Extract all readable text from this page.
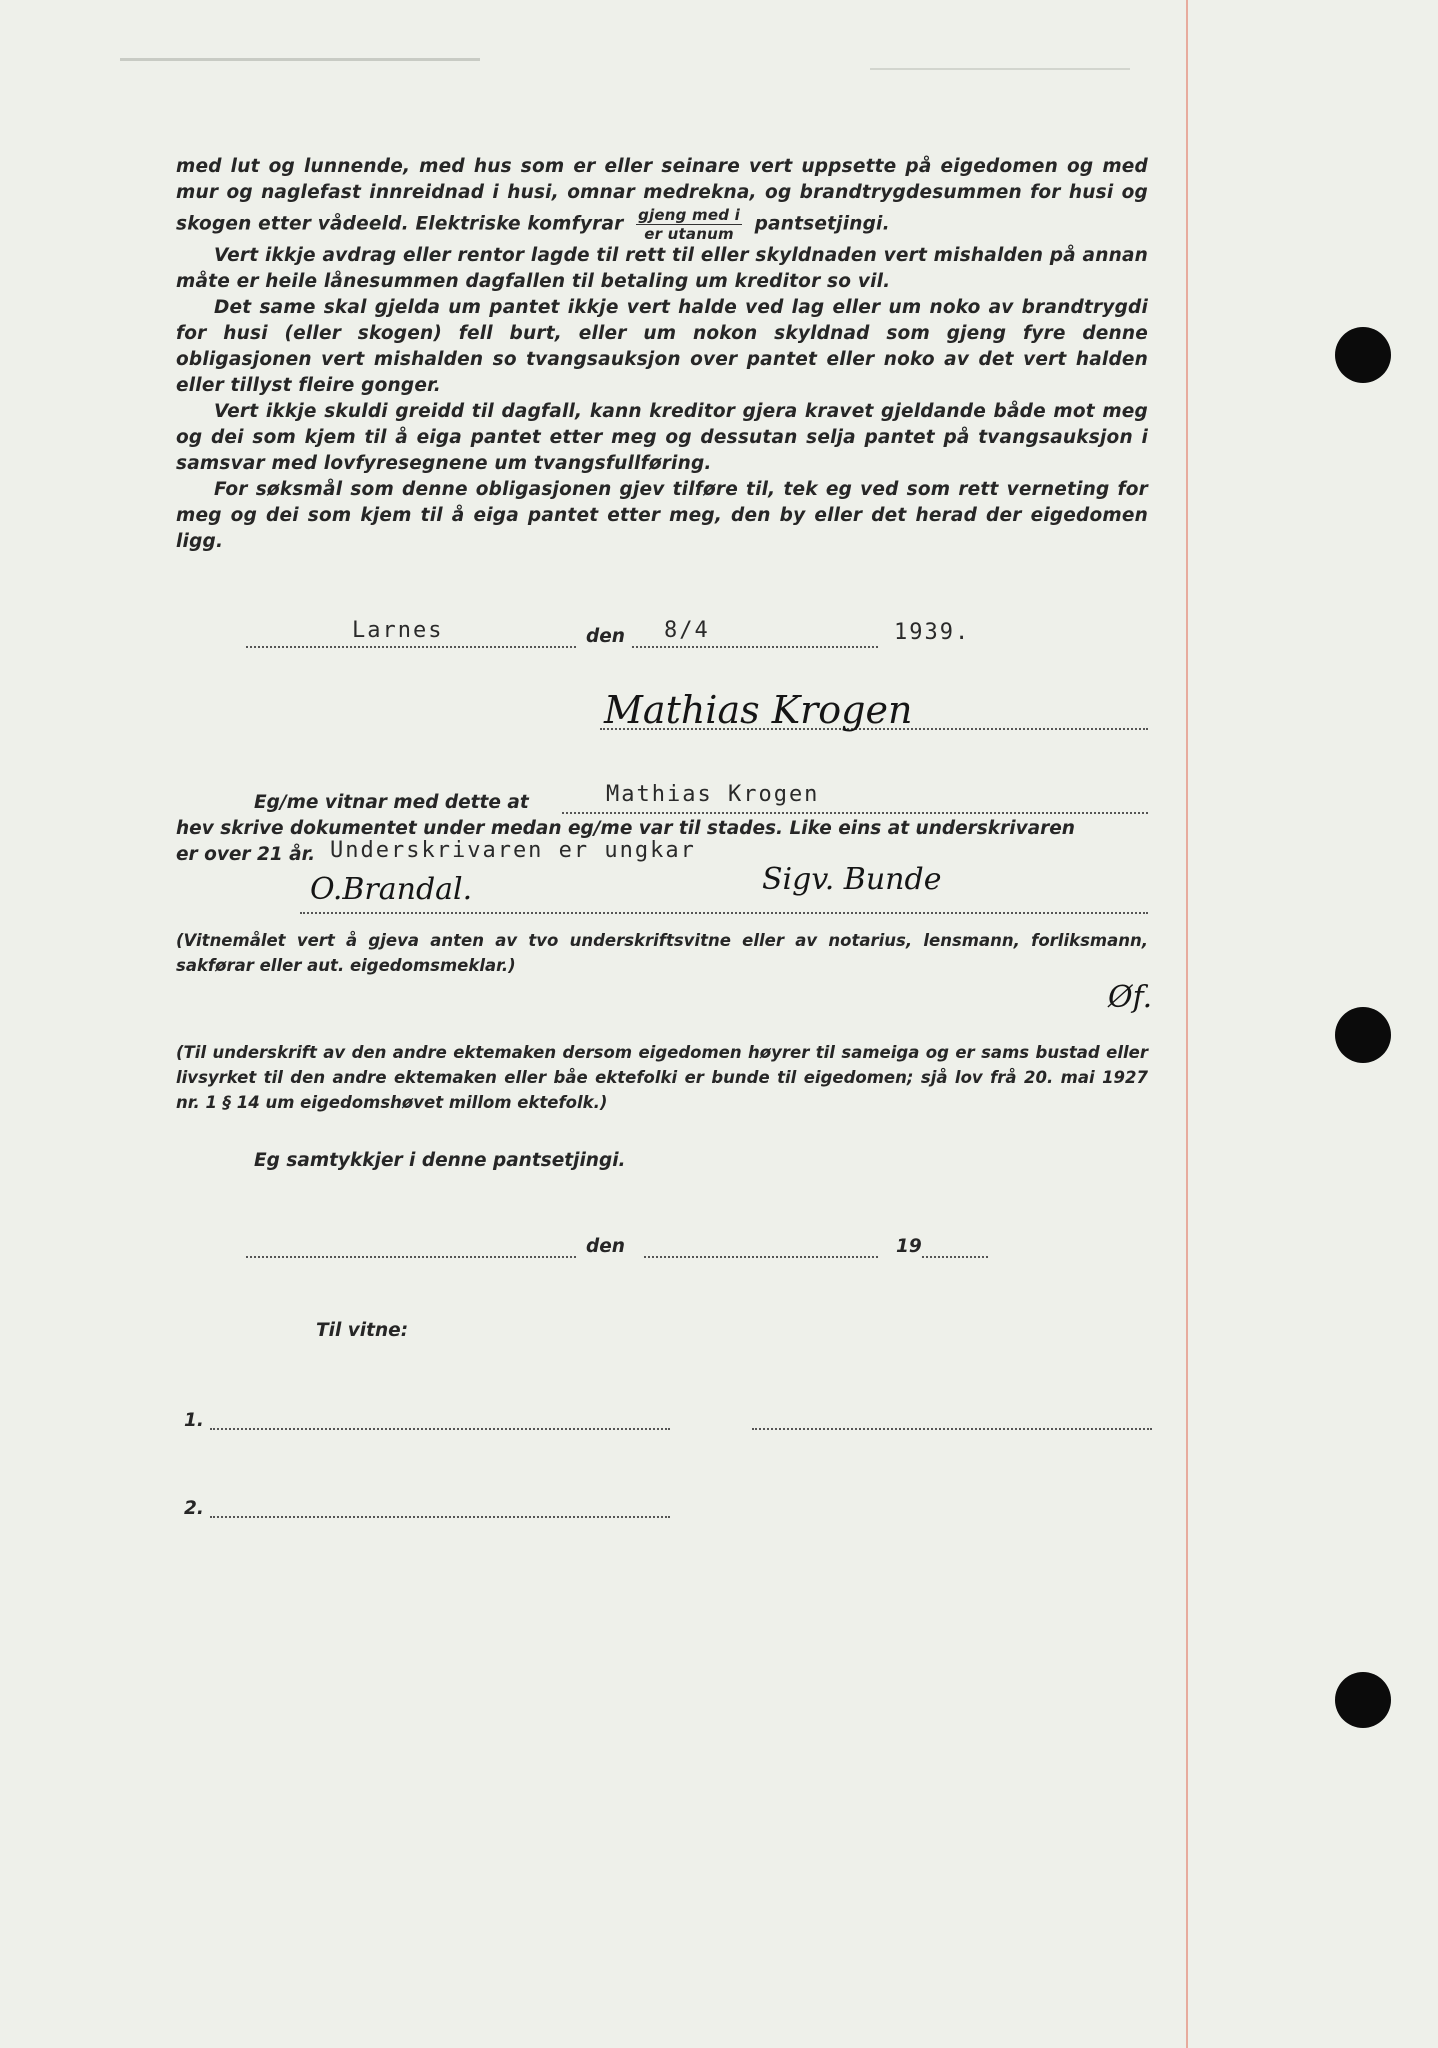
med lut og lunnende, med hus som er eller seinare vert uppsette på eigedomen og med mur og naglefast innreidnad i husi, omnar medrekna, og brandtrygdesummen for husi og skogen etter vådeeld. Elektriske komfyrar gjeng med i
er utanum	pantsetjingi.

Vert ikkje avdrag eller rentor lagde til rett til eller skyldnaden vert mishalden på annan måte er heile lånesummen dagfallen til betaling um kreditor so vil.

Det same skal gjelda um pantet ikkje vert halde ved lag eller um noko av brandtrygdi for husi (eller skogen) fell burt, eller um nokon skyldnad som gjeng fyre denne obligasjonen vert mishalden so tvangsauksjon over pantet eller noko av det vert halden eller tillyst fleire gonger.

Vert ikkje skuldi greidd til dagfall, kann kreditor gjera kravet gjeldande både mot meg og dei som kjem til å eiga pantet etter meg og dessutan selja pantet på tvangsauksjon i samsvar med lovfyresegnene um tvangsfullføring.

For søksmål som denne obligasjonen gjev tilføre til, tek eg ved som rett verneting for meg og dei som kjem til å eiga pantet etter meg, den by eller det herad der eigedomen ligg.

Larnes	den 8/4	1939.
Mathias Krogen
Eg/me vitnar med dette at	Mathias Krogen
hev skrive dokumentet under medan eg/me var til stades. Like eins at underskrivaren
er over 21 år. Underskrivaren er ungkar
O.Brandal.	Sigv. Bunde

(Vitnemålet vert å gjeva anten av tvo underskriftsvitne eller av notarius, lensmann, forliksmann, sakførar eller aut. eigedomsmeklar.)

Øf.

(Til underskrift av den andre ektemaken dersom eigedomen høyrer til sameiga og er sams bustad eller livsyrket til den andre ektemaken eller båe ektefolki er bunde til eigedomen; sjå lov frå 20. mai 1927 nr. 1 § 14 um eigedomshøvet millom ektefolk.)

Eg samtykkjer i denne pantsetjingi.
den	19
Til vitne:
1.
2.
